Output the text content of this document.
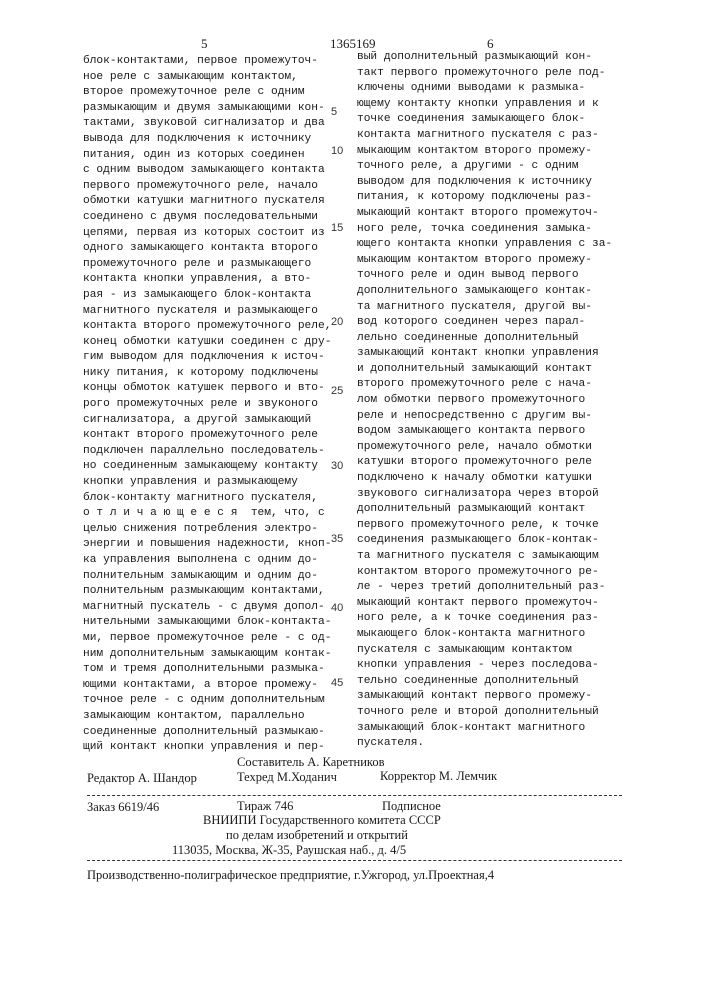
5	1365169	6
блок-контактами, первое промежуточ-
ное реле с замыкающим контактом,
второе промежуточное реле с одним
размыкающим и двумя замыкающими кон-
тактами, звуковой сигнализатор и два
вывода для подключения к источнику
питания, один из которых соединен
с одним выводом замыкающего контакта
первого промежуточного реле, начало
обмотки катушки магнитного пускателя
соединено с двумя последовательными
цепями, первая из которых состоит из
одного замыкающего контакта второго
промежуточного реле и размыкающего
контакта кнопки управления, а вто-
рая - из замыкающего блок-контакта
магнитного пускателя и размыкающего
контакта второго промежуточного реле,
конец обмотки катушки соединен с дру-
гим выводом для подключения к источ-
нику питания, к которому подключены
концы обмоток катушек первого и вто-
рого промежуточных реле и звуконого
сигнализатора, а другой замыкающий
контакт второго промежуточного реле
подключен параллельно последователь-
но соединенным замыкающему контакту
кнопки управления и размыкающему
блок-контакту магнитного пускателя,
о т л и ч а ю щ е е с я  тем, что, с
целью снижения потребления электро-
энергии и повышения надежности, кноп-
ка управления выполнена с одним до-
полнительным замыкающим и одним до-
полнительным размыкающим контактами,
магнитный пускатель - с двумя допол-
нительными замыкающими блок-контакта-
ми, первое промежуточное реле - с од-
ним дополнительным замыкающим контак-
том и тремя дополнительными размыка-
ющими контактами, а второе промежу-
точное реле - с одним дополнительным
замыкающим контактом, параллельно
соединенные дополнительный размыкаю-
щий контакт кнопки управления и пер-
вый дополнительный размыкающий кон-
такт первого промежуточного реле под-
ключены одними выводами к размыка-
ющему контакту кнопки управления и к
точке соединения замыкающего блок-
контакта магнитного пускателя с раз-
мыкающим контактом второго промежу-
точного реле, а другими - с одним
выводом для подключения к источнику
питания, к которому подключены раз-
мыкающий контакт второго промежуточ-
ного реле, точка соединения замыка-
ющего контакта кнопки управления с за-
мыкающим контактом второго промежу-
точного реле и один вывод первого
дополнительного замыкающего контак-
та магнитного пускателя, другой вы-
вод которого соединен через парал-
лельно соединенные дополнительный
замыкающий контакт кнопки управления
и дополнительный замыкающий контакт
второго промежуточного реле с нача-
лом обмотки первого промежуточного
реле и непосредственно с другим вы-
водом замыкающего контакта первого
промежуточного реле, начало обмотки
катушки второго промежуточного реле
подключено к началу обмотки катушки
звукового сигнализатора через второй
дополнительный размыкающий контакт
первого промежуточного реле, к точке
соединения размыкающего блок-контак-
та магнитного пускателя с замыкающим
контактом второго промежуточного ре-
ле - через третий дополнительный раз-
мыкающий контакт первого промежуточ-
ного реле, а к точке соединения раз-
мыкающего блок-контакта магнитного
пускателя с замыкающим контактом
кнопки управления - через последова-
тельно соединенные дополнительный
замыкающий контакт первого промежу-
точного реле и второй дополнительный
замыкающий блок-контакт магнитного
пускателя.
5
10
15
20
25
30
35
40
45
Составитель А. Каретников
Редактор А. Шандор	Техред М.Ходанич	Корректор М. Лемчик
Заказ 6619/46	Тираж 746	Подписное
ВНИИПИ Государственного комитета СССР
по делам изобретений и открытий
113035, Москва, Ж-35, Раушская наб., д. 4/5
Производственно-полиграфическое предприятие, г.Ужгород, ул.Проектная,4
